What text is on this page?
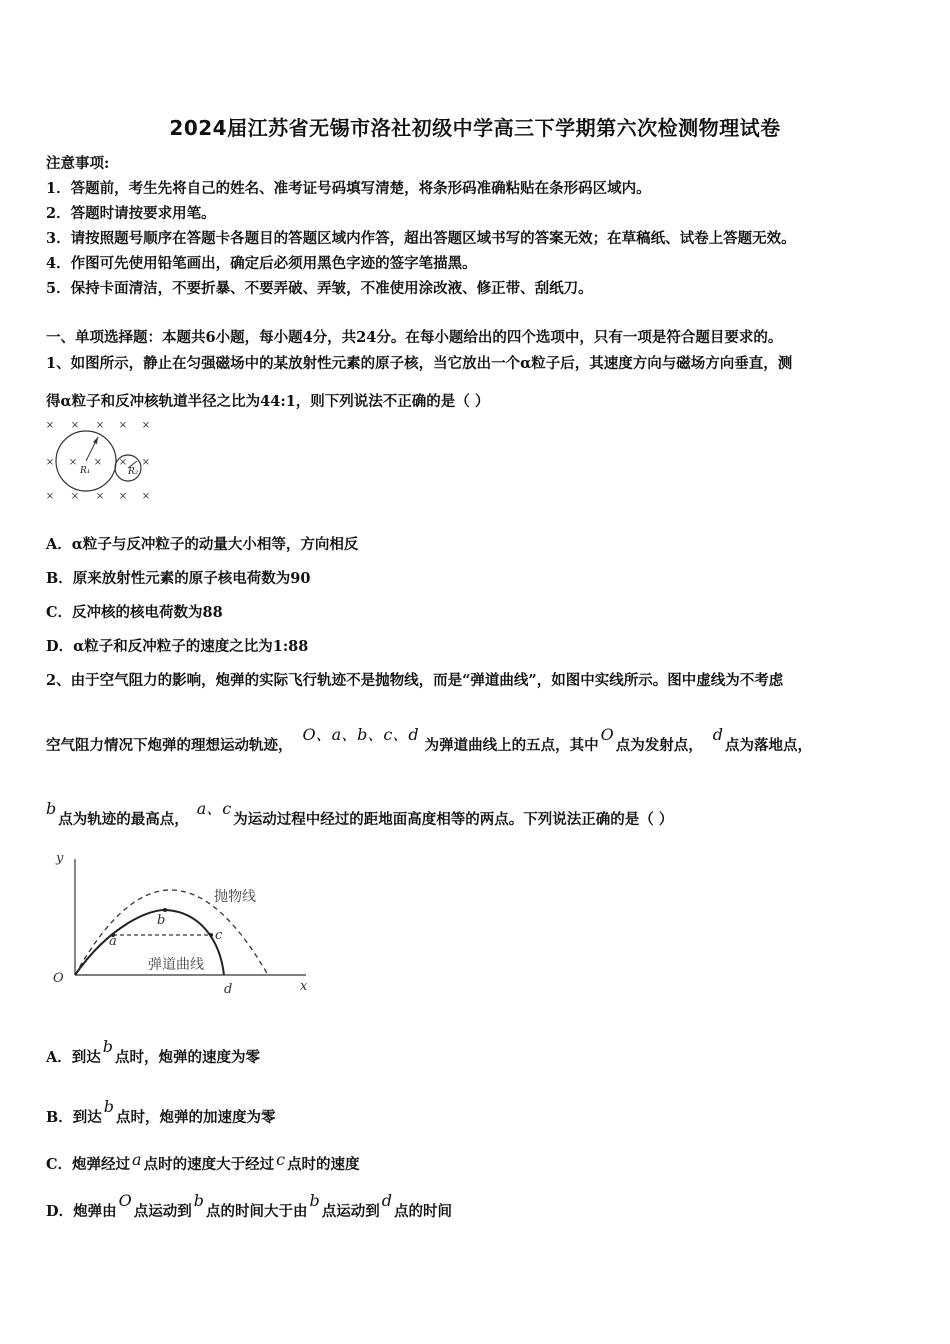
2024届江苏省无锡市洛社初级中学高三下学期第六次检测物理试卷
注意事项:
1．答题前，考生先将自己的姓名、准考证号码填写清楚，将条形码准确粘贴在条形码区域内。
2．答题时请按要求用笔。
3．请按照题号顺序在答题卡各题目的答题区域内作答，超出答题区域书写的答案无效；在草稿纸、试卷上答题无效。
4．作图可先使用铅笔画出，确定后必须用黑色字迹的签字笔描黑。
5．保持卡面清洁，不要折暴、不要弄破、弄皱，不准使用涂改液、修正带、刮纸刀。
一、单项选择题：本题共6小题，每小题4分，共24分。在每小题给出的四个选项中，只有一项是符合题目要求的。
1、如图所示，静止在匀强磁场中的某放射性元素的原子核，当它放出一个α粒子后，其速度方向与磁场方向垂直，测
得α粒子和反冲核轨道半径之比为44:1，则下列说法不正确的是（ ）
× × × × ×
× × × × ×
× × × × ×
R₁	R₂
A．α粒子与反冲粒子的动量大小相等，方向相反
B．原来放射性元素的原子核电荷数为90
C．反冲核的核电荷数为88
D．α粒子和反冲粒子的速度之比为1:88
2、由于空气阻力的影响，炮弹的实际飞行轨迹不是抛物线，而是“弹道曲线”，如图中实线所示。图中虚线为不考虑
空气阻力情况下炮弹的理想运动轨迹，O、a、b、c、d为弹道曲线上的五点，其中O点为发射点，d点为落地点，
b点为轨迹的最高点，a、c为运动过程中经过的距地面高度相等的两点。下列说法正确的是（ ）
y
x
O
a
b
c
d
抛物线
弹道曲线
A．到达b点时，炮弹的速度为零
B．到达b点时，炮弹的加速度为零
C．炮弹经过 a 点时的速度大于经过 c 点时的速度
D．炮弹由O点运动到b点的时间大于由b点运动到d点的时间
